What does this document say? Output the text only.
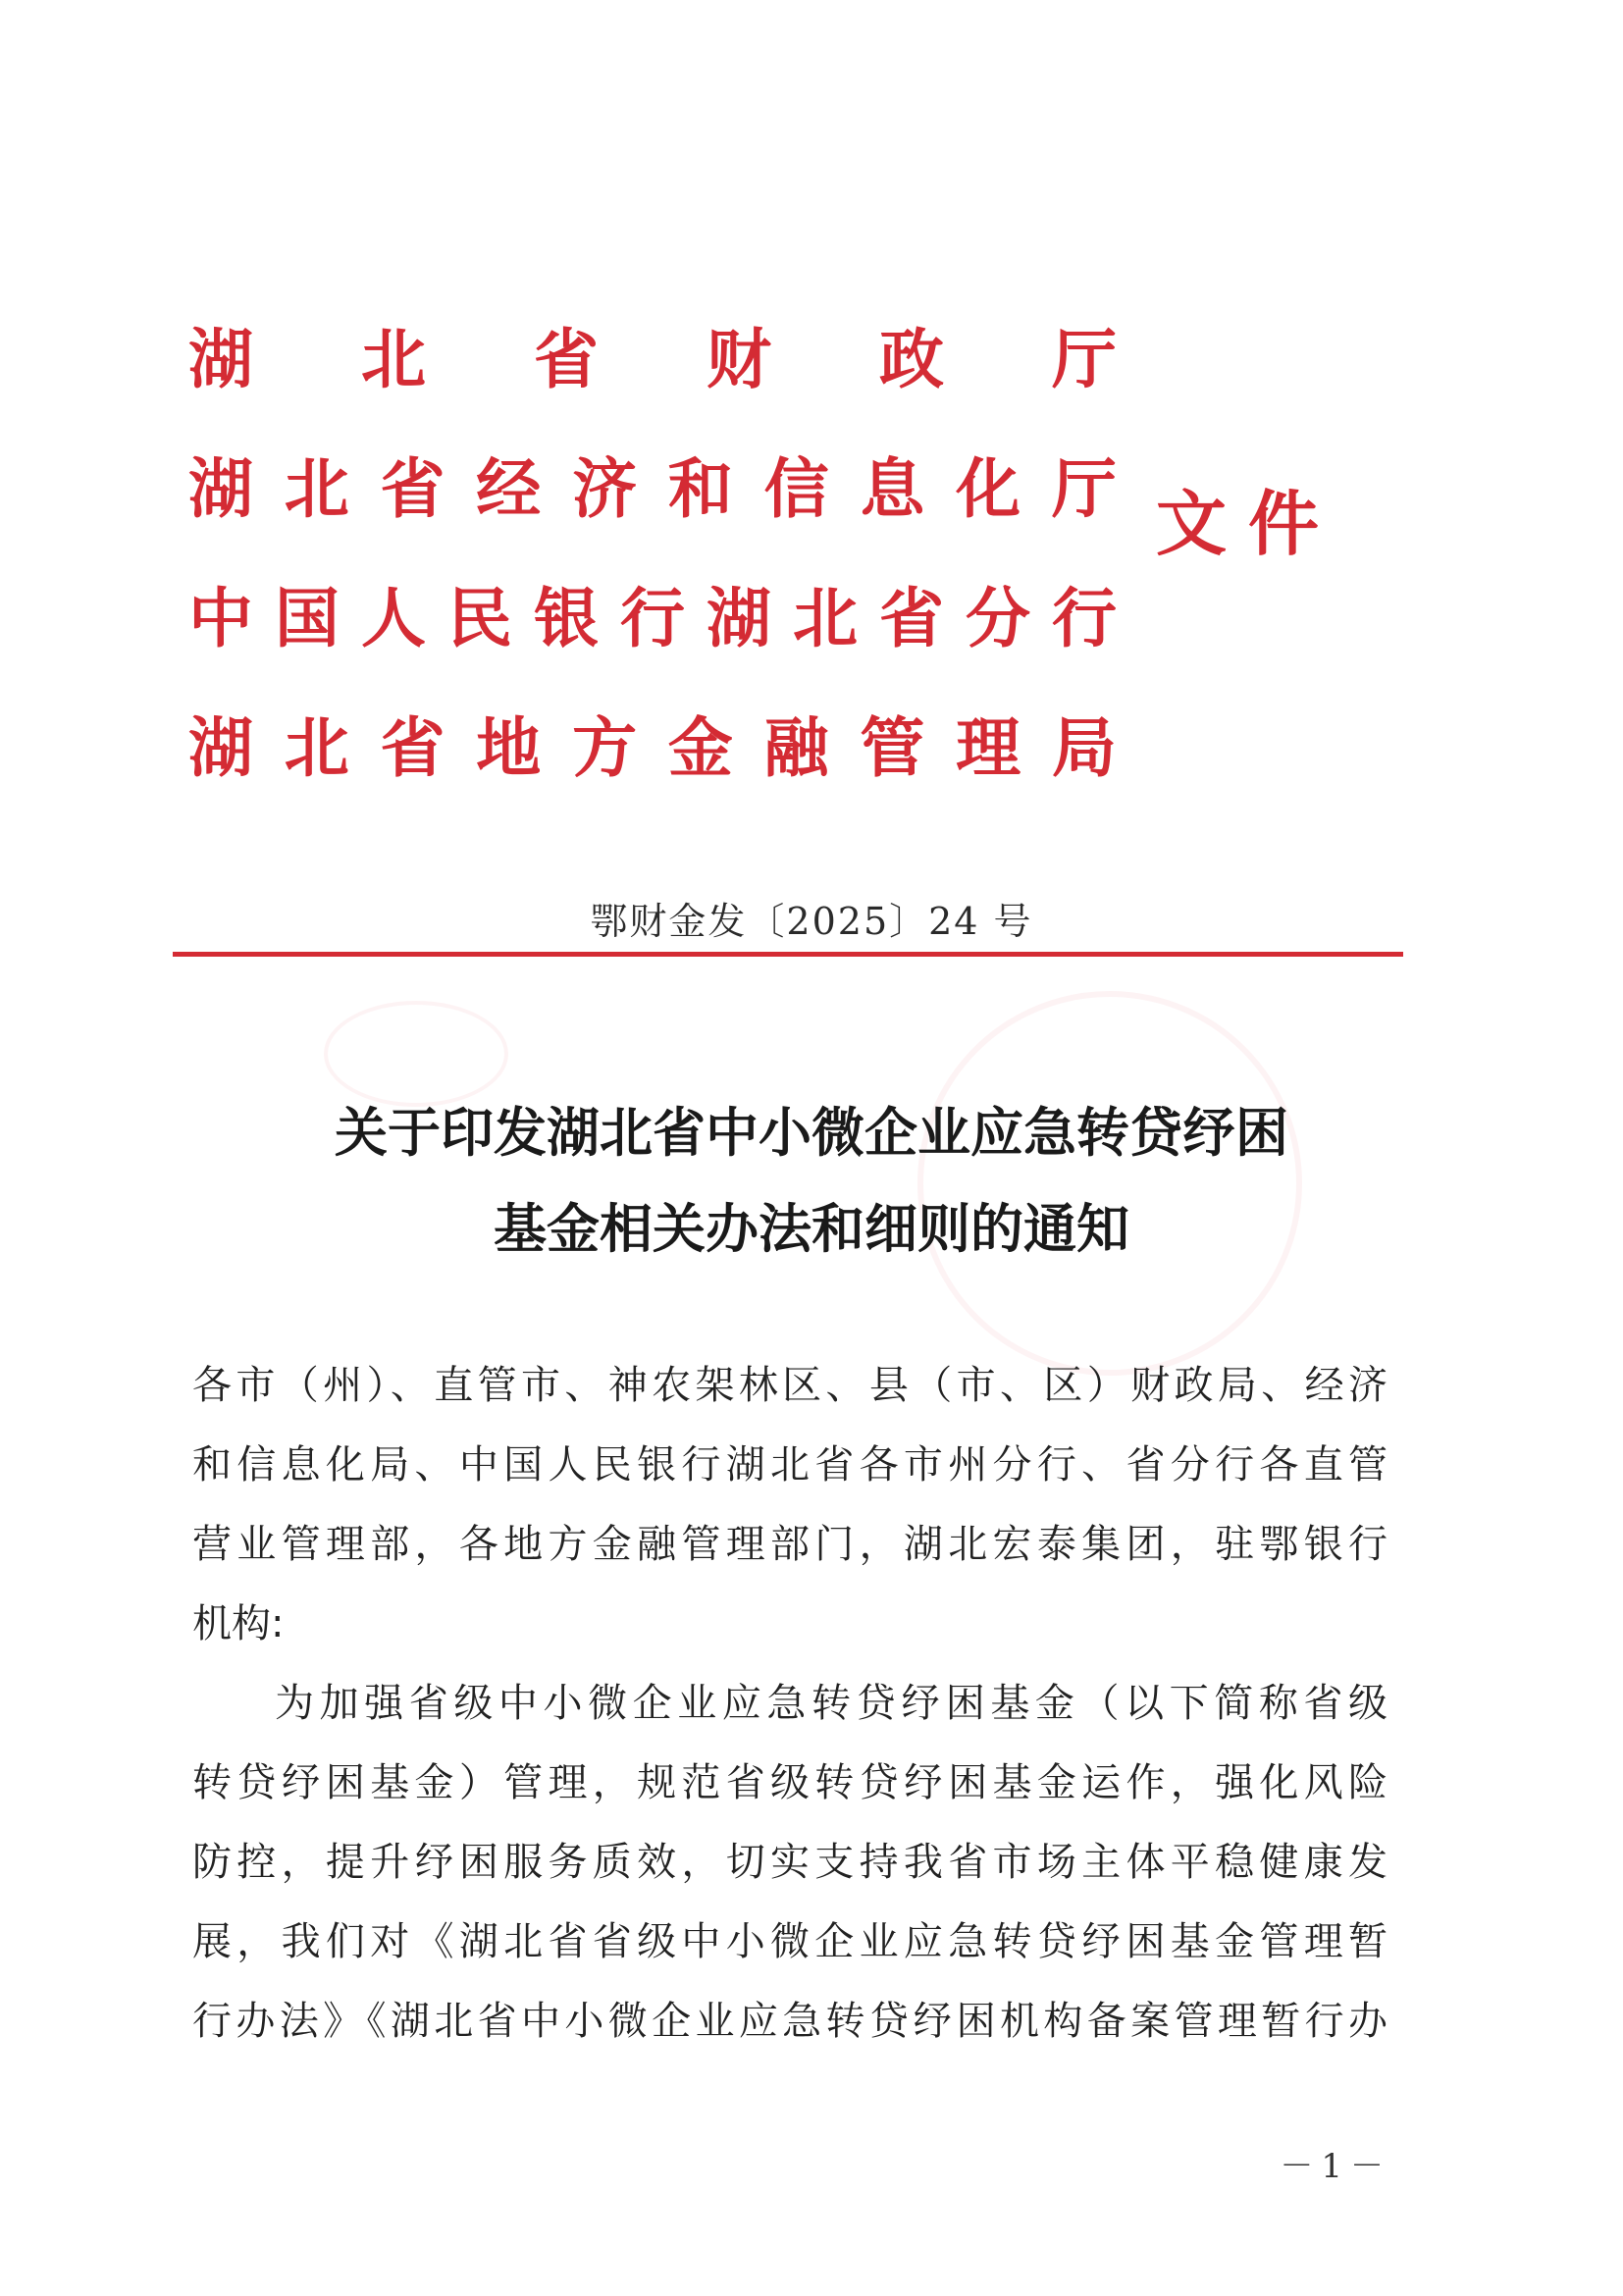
湖 北 省 财 政 厅
湖 北 省 经 济 和 信 息 化 厅
中 国 人 民 银 行 湖 北 省 分 行
湖 北 省 地 方 金 融 管 理 局
文件
鄂财金发〔2025〕24 号
关于印发湖北省中小微企业应急转贷纾困
基金相关办法和细则的通知
各市（州）、直管市、神农架林区、县（市、区）财政局、经济
和信息化局、中国人民银行湖北省各市州分行、省分行各直管
营业管理部，各地方金融管理部门，湖北宏泰集团，驻鄂银行
机构:
为加强省级中小微企业应急转贷纾困基金（以下简称省级
转贷纾困基金）管理，规范省级转贷纾困基金运作，强化风险
防控，提升纾困服务质效，切实支持我省市场主体平稳健康发
展，我们对《湖北省省级中小微企业应急转贷纾困基金管理暂
行办法》《湖北省中小微企业应急转贷纾困机构备案管理暂行办
－1－
